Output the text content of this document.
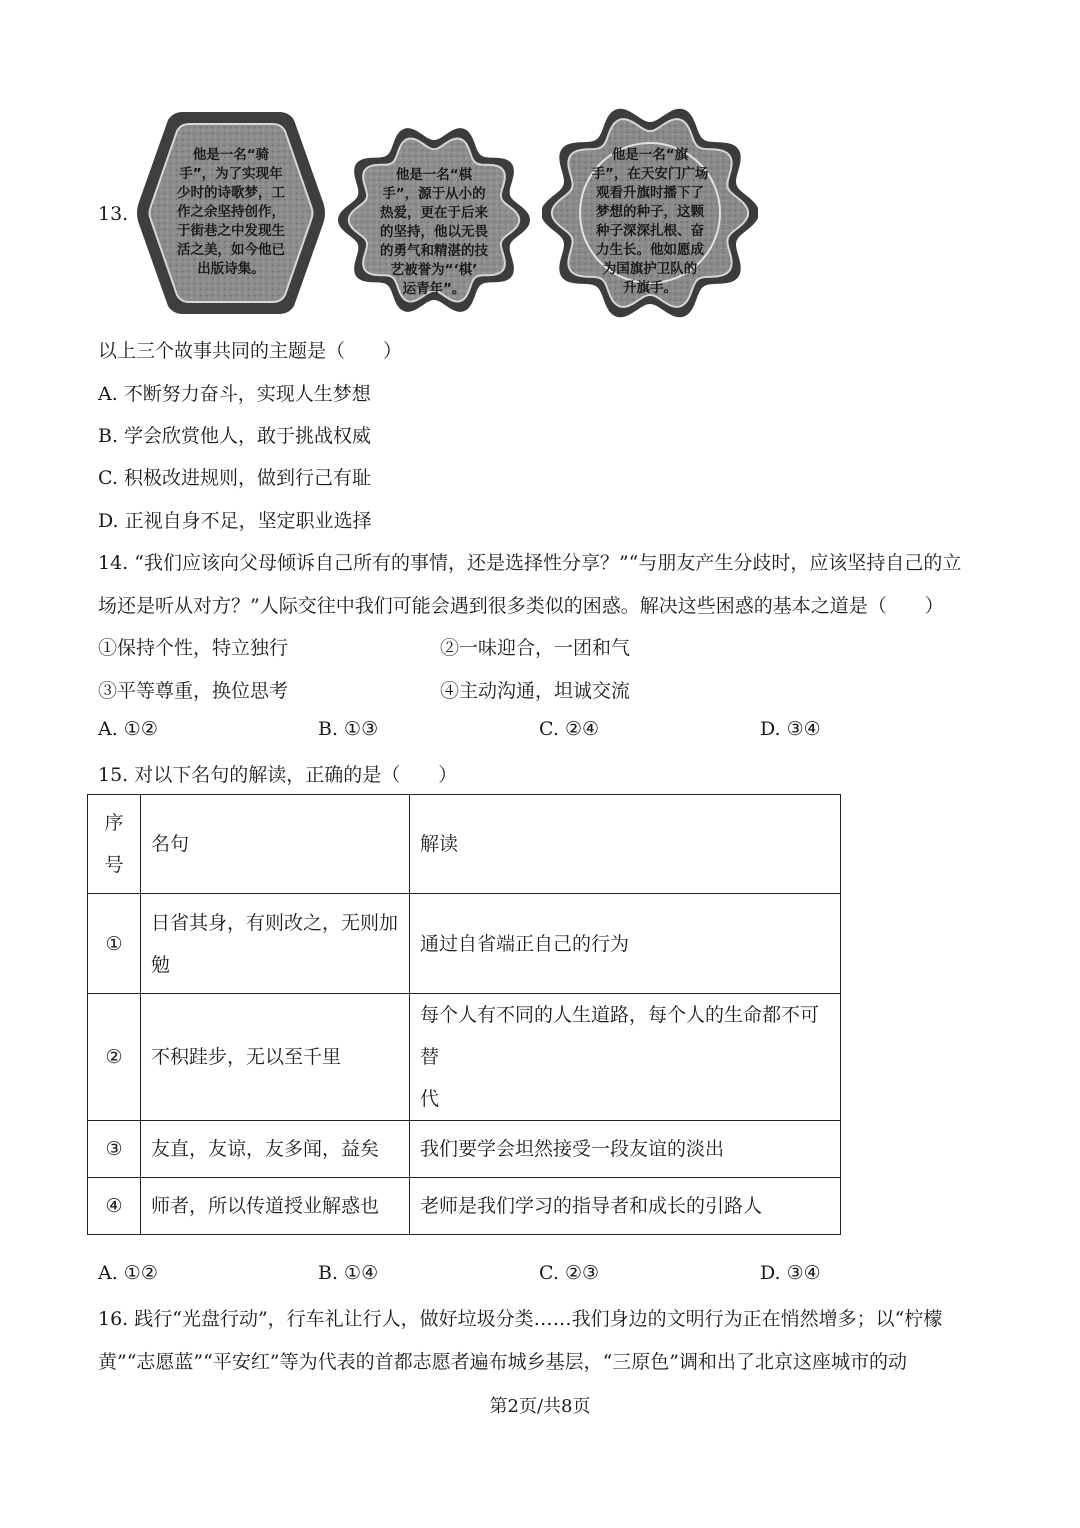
13.
他是一名“骑
手”，为了实现年
少时的诗歌梦，工
作之余坚持创作，
于街巷之中发现生
活之美，如今他已
出版诗集。
他是一名“棋
手”，源于从小的
热爱，更在于后来
的坚持，他以无畏
的勇气和精湛的技
艺被誉为“‘棋’
运青年”。
他是一名“旗
手”，在天安门广场
观看升旗时播下了
梦想的种子，这颗
种子深深扎根、奋
力生长。他如愿成
为国旗护卫队的
升旗手。
以上三个故事共同的主题是（　　）
A. 不断努力奋斗，实现人生梦想
B. 学会欣赏他人，敢于挑战权威
C. 积极改进规则，做到行己有耻
D. 正视自身不足，坚定职业选择
14. “我们应该向父母倾诉自己所有的事情，还是选择性分享？”“与朋友产生分歧时，应该坚持自己的立
场还是听从对方？”人际交往中我们可能会遇到很多类似的困惑。解决这些困惑的基本之道是（　　）
①保持个性，特立独行	②一味迎合，一团和气
③平等尊重，换位思考	④主动沟通，坦诚交流
A. ①②	B. ①③	C. ②④	D. ③④
15. 对以下名句的解读，正确的是（　　）
序
号	名句	解读
①	日省其身，有则改之，无则加
勉	通过自省端正自己的行为
②	不积跬步，无以至千里	每个人有不同的人生道路，每个人的生命都不可替
代

③	友直，友谅，友多闻，益矣	我们要学会坦然接受一段友谊的淡出
④	师者，所以传道授业解惑也	老师是我们学习的指导者和成长的引路人
A. ①②	B. ①④	C. ②③	D. ③④
16. 践行“光盘行动”，行车礼让行人，做好垃圾分类……我们身边的文明行为正在悄然增多；以“柠檬
黄”“志愿蓝”“平安红”等为代表的首都志愿者遍布城乡基层，“三原色”调和出了北京这座城市的动
第2页/共8页
